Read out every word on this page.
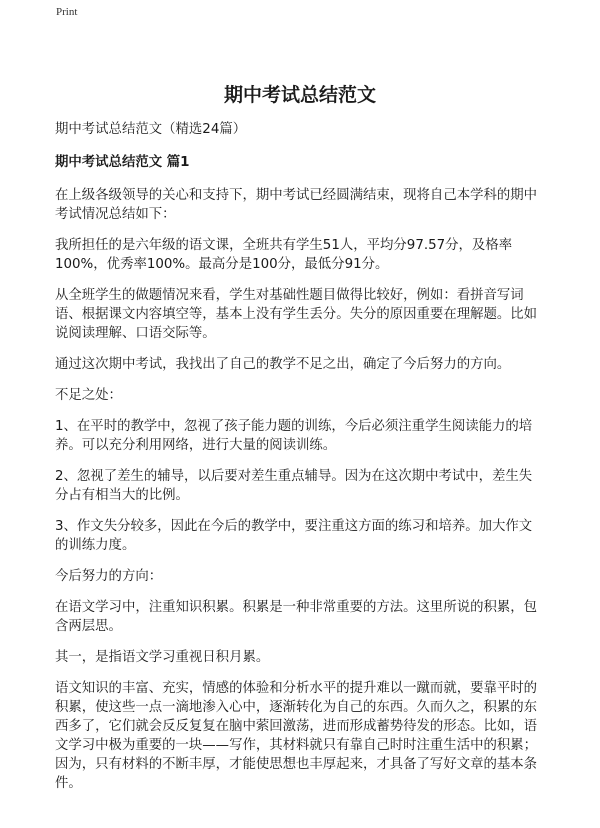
Print
期中考试总结范文

期中考试总结范文（精选24篇）

期中考试总结范文 篇1

在上级各级领导的关心和支持下，期中考试已经圆满结束，现将自己本学科的期中考试情况总结如下：

我所担任的是六年级的语文课，全班共有学生51人，平均分97.57分，及格率100%，优秀率100%。最高分是100分，最低分91分。

从全班学生的做题情况来看，学生对基础性题目做得比较好，例如：看拼音写词语、根据课文内容填空等，基本上没有学生丢分。失分的原因重要在理解题。比如说阅读理解、口语交际等。

通过这次期中考试，我找出了自己的教学不足之出，确定了今后努力的方向。

不足之处：

1、在平时的教学中，忽视了孩子能力题的训练，今后必须注重学生阅读能力的培养。可以充分利用网络，进行大量的阅读训练。

2、忽视了差生的辅导，以后要对差生重点辅导。因为在这次期中考试中，差生失分占有相当大的比例。

3、作文失分较多，因此在今后的教学中，要注重这方面的练习和培养。加大作文的训练力度。

今后努力的方向：

在语文学习中，注重知识积累。积累是一种非常重要的方法。这里所说的积累，包含两层思。

其一，是指语文学习重视日积月累。

语文知识的丰富、充实，情感的体验和分析水平的提升难以一蹴而就，要靠平时的积累，使这些一点一滴地渗入心中，逐渐转化为自己的东西。久而久之，积累的东西多了，它们就会反反复复在脑中萦回激荡，进而形成蓄势待发的形态。比如，语文学习中极为重要的一块——写作，其材料就只有靠自己时时注重生活中的积累；因为，只有材料的不断丰厚，才能使思想也丰厚起来，才具备了写好文章的基本条件。
